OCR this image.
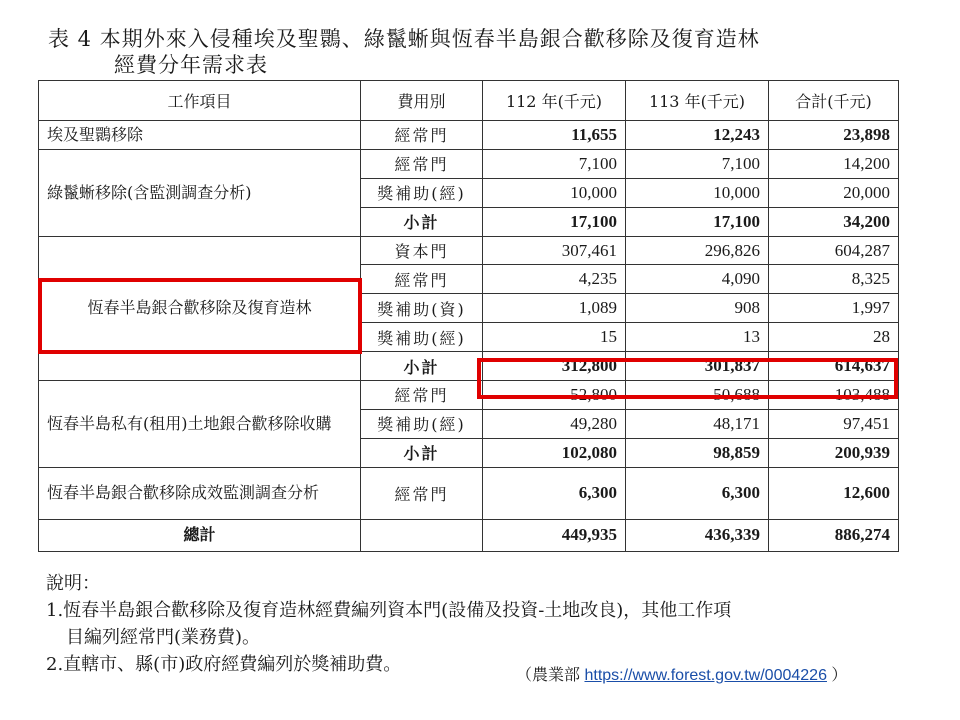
表 4 本期外來入侵種埃及聖䴉、綠鬣蜥與恆春半島銀合歡移除及復育造林
經費分年需求表
工作項目	費用別	112 年(千元)	113 年(千元)	合計(千元)
埃及聖䴉移除	經常門	11,655	12,243	23,898
綠鬣蜥移除(含監測調查分析)	經常門	7,100	7,100	14,200
	獎補助(經)	10,000	10,000	20,000
	小計	17,100	17,100	34,200
恆春半島銀合歡移除及復育造林	資本門	307,461	296,826	604,287
	經常門	4,235	4,090	8,325
	獎補助(資)	1,089	908	1,997
	獎補助(經)	15	13	28
	小計	312,800	301,837	614,637
恆春半島私有(租用)土地銀合歡移除收購	經常門	52,800	50,688	103,488
	獎補助(經)	49,280	48,171	97,451
	小計	102,080	98,859	200,939
恆春半島銀合歡移除成效監測調查分析	經常門	6,300	6,300	12,600
總計		449,935	436,339	886,274
說明：
1.恆春半島銀合歡移除及復育造林經費編列資本門(設備及投資-土地改良)，其他工作項
目編列經常門(業務費)。
2.直轄市、縣(市)政府經費編列於獎補助費。
（農業部 https://www.forest.gov.tw/0004226 ）
